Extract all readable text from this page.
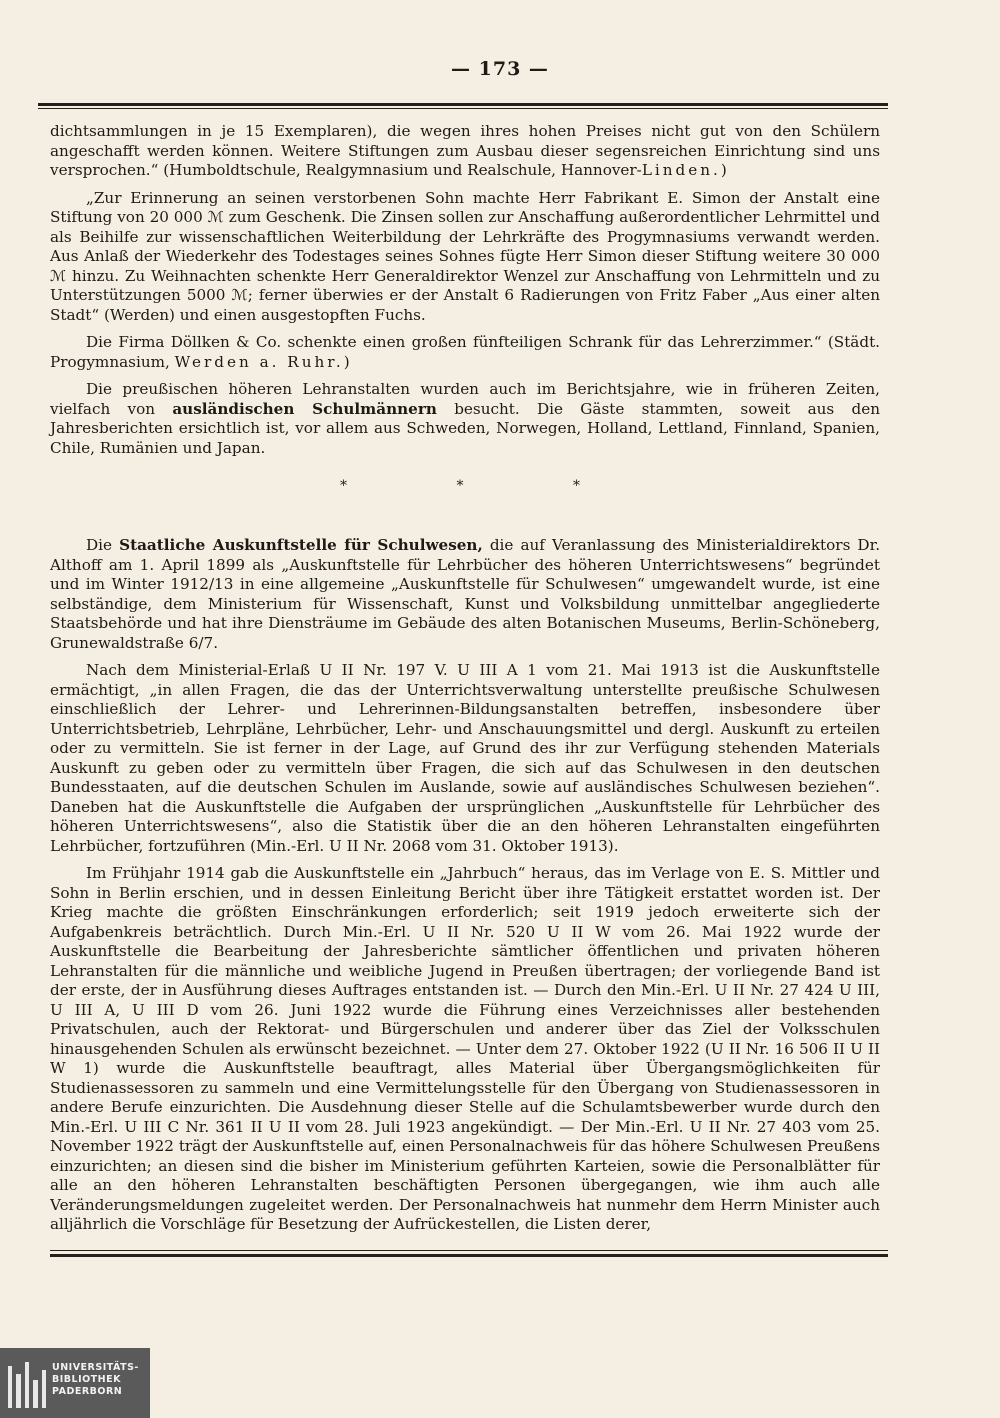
— 173 —

dichtsammlungen in je 15 Exemplaren), die wegen ihres hohen Preises nicht gut von den Schülern angeschafft werden können. Weitere Stiftungen zum Ausbau dieser segensreichen Einrichtung sind uns versprochen.“ (Humboldtschule, Realgymnasium und Realschule, Hannover-Linden.)

„Zur Erinnerung an seinen verstorbenen Sohn machte Herr Fabrikant E. Simon der Anstalt eine Stiftung von 20 000 ℳ zum Geschenk. Die Zinsen sollen zur Anschaffung außerordentlicher Lehrmittel und als Beihilfe zur wissenschaftlichen Weiterbildung der Lehrkräfte des Progymnasiums verwandt werden. Aus Anlaß der Wiederkehr des Todestages seines Sohnes fügte Herr Simon dieser Stiftung weitere 30 000 ℳ hinzu. Zu Weihnachten schenkte Herr Generaldirektor Wenzel zur Anschaffung von Lehrmitteln und zu Unterstützungen 5000 ℳ; ferner überwies er der Anstalt 6 Radierungen von Fritz Faber „Aus einer alten Stadt“ (Werden) und einen ausgestopften Fuchs.

Die Firma Döllken & Co. schenkte einen großen fünfteiligen Schrank für das Lehrerzimmer.“ (Städt. Progymnasium, Werden a. Ruhr.)

Die preußischen höheren Lehranstalten wurden auch im Berichtsjahre, wie in früheren Zeiten, vielfach von ausländischen Schulmännern besucht. Die Gäste stammten, soweit aus den Jahresberichten ersichtlich ist, vor allem aus Schweden, Norwegen, Holland, Lettland, Finnland, Spanien, Chile, Rumänien und Japan.

*	*	*

Die Staatliche Auskunftstelle für Schulwesen, die auf Veranlassung des Ministerialdirektors Dr. Althoff am 1. April 1899 als „Auskunftstelle für Lehrbücher des höheren Unterrichtswesens“ begründet und im Winter 1912/13 in eine allgemeine „Auskunftstelle für Schulwesen“ umgewandelt wurde, ist eine selbständige, dem Ministerium für Wissenschaft, Kunst und Volksbildung unmittelbar angegliederte Staatsbehörde und hat ihre Diensträume im Gebäude des alten Botanischen Museums, Berlin-Schöneberg, Grunewaldstraße 6/7.

Nach dem Ministerial-Erlaß U II Nr. 197 V. U III A 1 vom 21. Mai 1913 ist die Auskunftstelle ermächtigt, „in allen Fragen, die das der Unterrichtsverwaltung unterstellte preußische Schulwesen einschließlich der Lehrer- und Lehrerinnen-Bildungsanstalten betreffen, insbesondere über Unterrichtsbetrieb, Lehrpläne, Lehrbücher, Lehr- und Anschauungsmittel und dergl. Auskunft zu erteilen oder zu vermitteln. Sie ist ferner in der Lage, auf Grund des ihr zur Verfügung stehenden Materials Auskunft zu geben oder zu vermitteln über Fragen, die sich auf das Schulwesen in den deutschen Bundesstaaten, auf die deutschen Schulen im Auslande, sowie auf ausländisches Schulwesen beziehen“. Daneben hat die Auskunftstelle die Aufgaben der ursprünglichen „Auskunftstelle für Lehrbücher des höheren Unterrichtswesens“, also die Statistik über die an den höheren Lehranstalten eingeführten Lehrbücher, fortzuführen (Min.-Erl. U II Nr. 2068 vom 31. Oktober 1913).

Im Frühjahr 1914 gab die Auskunftstelle ein „Jahrbuch“ heraus, das im Verlage von E. S. Mittler und Sohn in Berlin erschien, und in dessen Einleitung Bericht über ihre Tätigkeit erstattet worden ist. Der Krieg machte die größten Einschränkungen erforderlich; seit 1919 jedoch erweiterte sich der Aufgabenkreis beträchtlich. Durch Min.-Erl. U II Nr. 520 U II W vom 26. Mai 1922 wurde der Auskunftstelle die Bearbeitung der Jahresberichte sämtlicher öffentlichen und privaten höheren Lehranstalten für die männliche und weibliche Jugend in Preußen übertragen; der vorliegende Band ist der erste, der in Ausführung dieses Auftrages entstanden ist. — Durch den Min.-Erl. U II Nr. 27 424 U III, U III A, U III D vom 26. Juni 1922 wurde die Führung eines Verzeichnisses aller bestehenden Privatschulen, auch der Rektorat- und Bürgerschulen und anderer über das Ziel der Volksschulen hinausgehenden Schulen als erwünscht bezeichnet. — Unter dem 27. Oktober 1922 (U II Nr. 16 506 II U II W 1) wurde die Auskunftstelle beauftragt, alles Material über Übergangsmöglichkeiten für Studienassessoren zu sammeln und eine Vermittelungsstelle für den Übergang von Studienassessoren in andere Berufe einzurichten. Die Ausdehnung dieser Stelle auf die Schulamtsbewerber wurde durch den Min.-Erl. U III C Nr. 361 II U II vom 28. Juli 1923 angekündigt. — Der Min.-Erl. U II Nr. 27 403 vom 25. November 1922 trägt der Auskunftstelle auf, einen Personalnachweis für das höhere Schulwesen Preußens einzurichten; an diesen sind die bisher im Ministerium geführten Karteien, sowie die Personalblätter für alle an den höheren Lehranstalten beschäftigten Personen übergegangen, wie ihm auch alle Veränderungsmeldungen zugeleitet werden. Der Personalnachweis hat nunmehr dem Herrn Minister auch alljährlich die Vorschläge für Besetzung der Aufrückestellen, die Listen derer,

UNIVERSITÄTS-
BIBLIOTHEK
PADERBORN
